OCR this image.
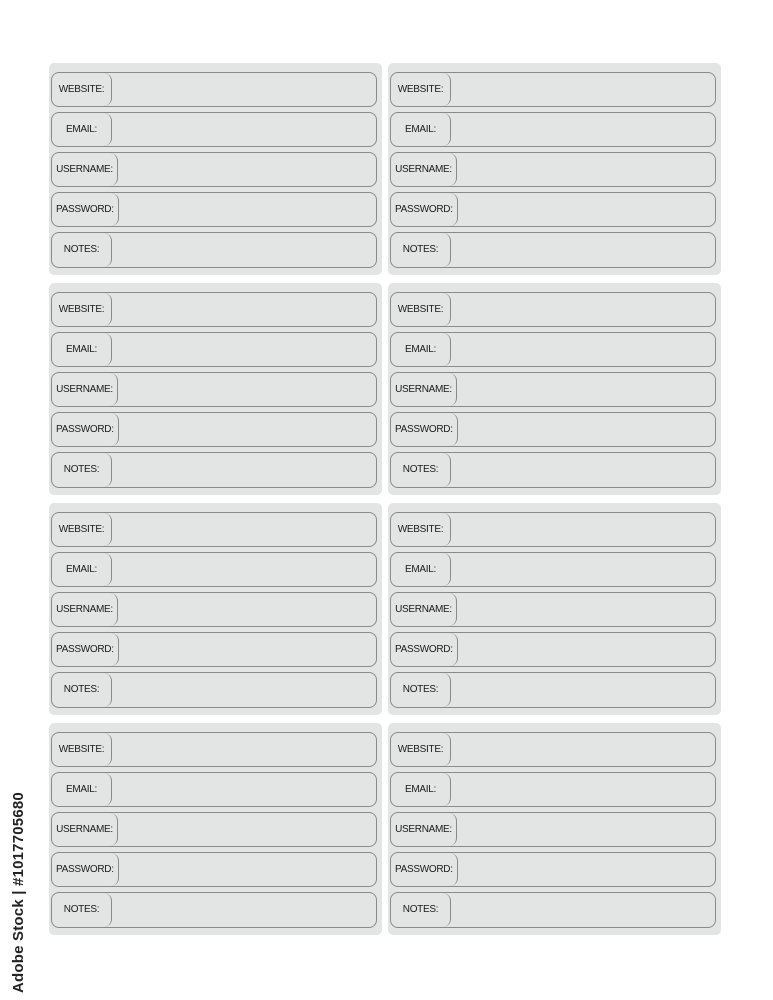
WEBSITE:
EMAIL:
USERNAME:
PASSWORD:
NOTES:
WEBSITE:
EMAIL:
USERNAME:
PASSWORD:
NOTES:
WEBSITE:
EMAIL:
USERNAME:
PASSWORD:
NOTES:
WEBSITE:
EMAIL:
USERNAME:
PASSWORD:
NOTES:
WEBSITE:
EMAIL:
USERNAME:
PASSWORD:
NOTES:
WEBSITE:
EMAIL:
USERNAME:
PASSWORD:
NOTES:
WEBSITE:
EMAIL:
USERNAME:
PASSWORD:
NOTES:
WEBSITE:
EMAIL:
USERNAME:
PASSWORD:
NOTES:
Adobe Stock | #1017705680
